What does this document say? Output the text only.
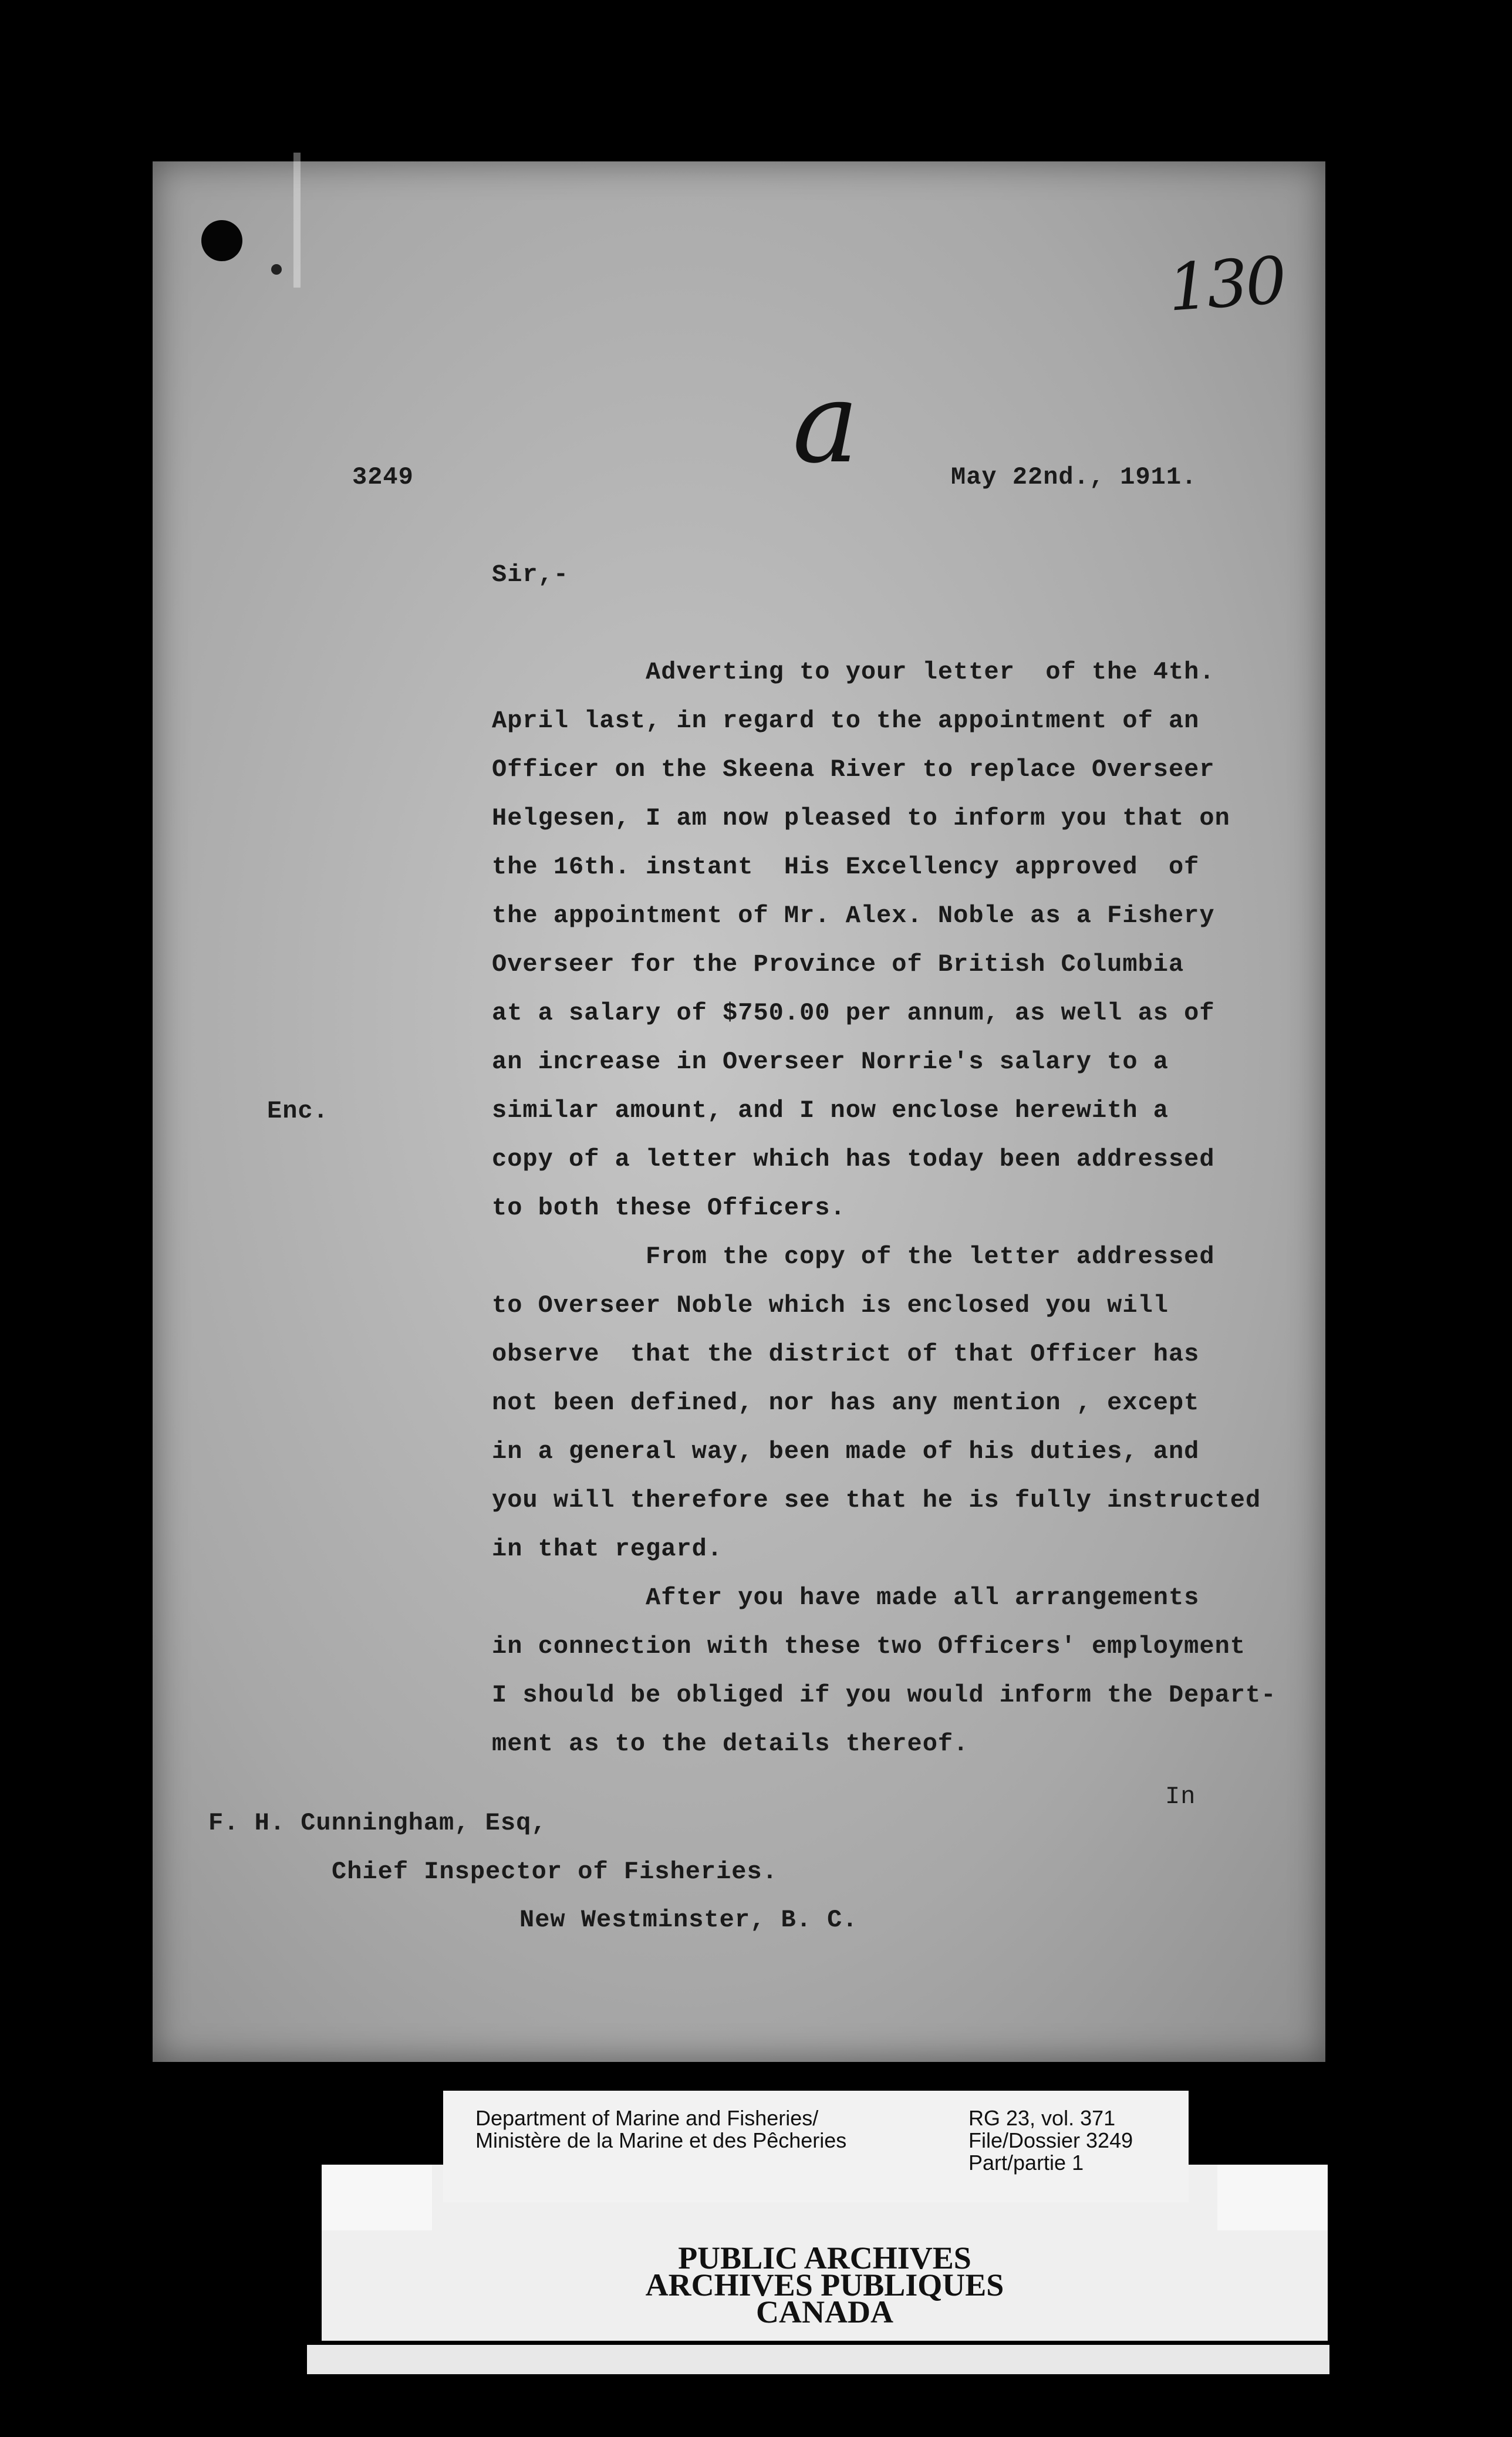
130
a
3249	May 22nd., 1911.
Sir,-
Adverting to your letter  of the 4th.
April last, in regard to the appointment of an
Officer on the Skeena River to replace Overseer
Helgesen, I am now pleased to inform you that on
the 16th. instant  His Excellency approved  of
the appointment of Mr. Alex. Noble as a Fishery
Overseer for the Province of British Columbia
at a salary of $750.00 per annum, as well as of
an increase in Overseer Norrie's salary to a
similar amount, and I now enclose herewith a
copy of a letter which has today been addressed
to both these Officers.
From the copy of the letter addressed
to Overseer Noble which is enclosed you will
observe  that the district of that Officer has
not been defined, nor has any mention , except
in a general way, been made of his duties, and
you will therefore see that he is fully instructed
in that regard.
After you have made all arrangements
in connection with these two Officers' employment
I should be obliged if you would inform the Depart-
ment as to the details thereof.
Enc.
In
F. H. Cunningham, Esq,
Chief Inspector of Fisheries.
New Westminster, B. C.
PUBLIC ARCHIVES
ARCHIVES PUBLIQUES
CANADA
Department of Marine and Fisheries/
Ministère de la Marine et des Pêcheries
RG 23, vol. 371
File/Dossier 3249
Part/partie 1
